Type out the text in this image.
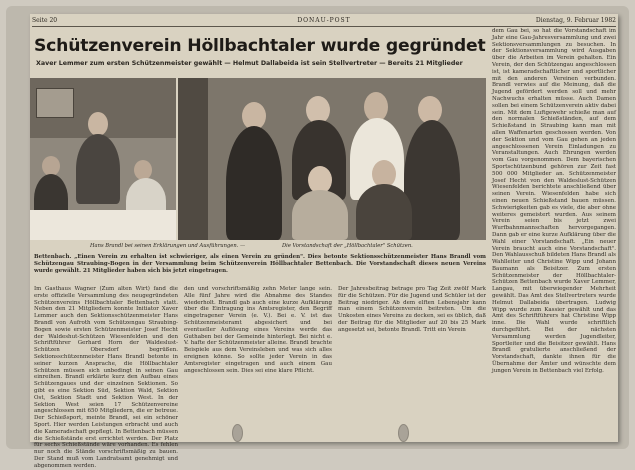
Seite 20	DONAU-POST	Dienstag, 9. Februar 1982
Schützenverein Höllbachtaler wurde gegründet
Xaver Lemmer zum ersten Schützenmeister gewählt — Helmut Dallabeida ist sein Stellvertreter — Bereits 21 Mitglieder
Hans Brandl bei seinen Erklärungen und Ausführungen. —	Die Vorstandschaft der „Höllbachtaler" Schützen.
Bettenbach. „Einen Verein zu erhalten ist schwieriger, als einen Verein zu gründen". Dies betonte Sektionsschützenmeister Hans Brandl vom Schützengau Straubing-Bogen in der Versammlung beim Schützenverein Höllbachtaler Bettenbach. Die Vorstandschaft dieses neuen Vereins wurde gewählt. 21 Mitglieder haben sich bis jetzt eingetragen.
Im Gasthaus Wagner (Zum alten Wirt) fand die erste offizielle Versammlung des neugegründeten Schützenvereins Höllbachtaler Bettenbach statt. Neben den 21 Mitgliedern konnte Initiator Xaver Lemmer auch den Sektionsschützenmeister Hans Brandl von Aufroth vom Schützengau Straubing-Bogen sowie ersten Schützenmeister Josef Hecht der Waldeshut-Schützen Wiesenfelden und den Schriftführer Gerhard Horn der Waldeslust-Schützen Obersdorf begrüßen. Sektionsschützenmeister Hans Brandl betonte in seiner kurzen Ansprache, die Höllbachtaler Schützen müssen sich unbedingt in seinen Gau einreihen. Brandl erklärte kurz den Aufbau eines Schützengaues und der einzelnen Sektionen. So gibt es eine Sektion Süd, Sektion Wald, Sektion Ost, Sektion Stadt und Sektion West. In der Sektion West seien 17 Schützenvereine angeschlossen mit 650 Mitgliedern, die er betreue. Der Schießsport, meinte Brandl, sei ein schöner Sport. Hier werden Leistungen erbracht und auch die Kameradschaft gepflegt. In Bettenbach müssen die Schießstände erst errichtet werden. Der Platz für sechs Schießstände wäre vorhanden. Es fehlen nur noch die Stände vorschriftsmäßig zu bauen. Der Stand muß vom Landratsamt genehmigt und abgenommen werden.
den und vorschriftsmäßig zehn Meter lange sein. Alle fünf Jahre wird die Abnahme des Standes wiederholt. Brandl gab auch eine kurze Aufklärung über die Eintragung ins Amtsregister, den Begriff eingetragener Verein (e. V.). Bei e. V. ist das Schützenmeisteramt abgesichert und bei eventueller Auflösung eines Vereins werde das Guthaben bei der Gemeinde hinterlegt. Bei nicht e. V. hafte der Schützenmeister alleine. Brandl brachte Beispiele aus dem Vereinsleben und was sich alles ereignen könne. So sollte jeder Verein in das Amtsregister eingetragen und auch einem Gau angeschlossen sein. Dies sei eine klare Pflicht.
Der Jahresbeitrag betrage pro Tag Zeit zwölf Mark für die Schützen. Für die Jugend und Schüler ist der Beitrag niedriger. Ab dem elften Lebensjahr kann man einem Schützenverein beitreten. Um die Unkosten eines Vereins zu decken, sei es üblich, daß der Beitrag für die Mitglieder auf 20 bis 25 Mark angesetzt sei, betonte Brandl. Tritt ein Verein
dem Gau bei, so hat die Vorstandschaft im Jahr eine Gau-Jahresversammlung und zwei Sektionsversammlungen zu besuchen. In der Sektionsversammlung wird Ausgaben über die Arbeiten im Verein gehalten. Ein Verein, der den Schützengau angeschlossen ist, ist kameradschaftlicher und sportlicher mit den anderen Vereinen verbunden. Brandl verwies auf die Meinung, daß die Jugend gefördert werden soll und mehr Nachwuchs erhalten müsse. Auch Damen sollen bei einem Schützenverein aktiv dabei sein. Mit dem Luftgewehr schieße man auf den normalen Schießständen, auf dem Schießstand in Straubing kann man mit allen Waffenarten geschossen werden. Von der Sektion und vom Gau gehen an jeden angeschlossenen Verein Einladungen zu Veranstaltungen. Auch Ehrungen werden vom Gau vorgenommen. Dem bayerischen Sportschützenbund gehören zur Zeit fast 500 000 Mitglieder an. Schützenmeister Josef Hecht von den Waldeslust-Schützen Wiesenfelden berichtete anschließend über seinen Verein. Wiesenfelden habe sich einen neuen Schießstand bauen müssen. Schwierigkeiten gab es viele, die aber ohne weiteres gemeistert wurden. Aus seinem Verein seien bis jetzt zwei Wurfbahnmannschaften hervorgegangen. Dann gab er eine kurze Aufklärung über die Wahl einer Vorstandschaft. „Ein neuer Verein braucht auch eine Vorstandschaft". Den Wahlausschuß bildeten Hans Brandl als Wahlleiter und Christine Wipp und Johann Baumann als Beisitzer. Zum ersten Schützenmeister der Höllbachtaler-Schützen Bettenbach wurde Xaver Lemmer, Langau, mit überwiegender Mehrheit gewählt. Das Amt des Stellvertreters wurde Helmut Dallabeida übertragen. Ludwig Wipp wurde zum Kassier gewählt und das Amt des Schriftführers hat Christine Wipp inne. Die Wahl wurde schriftlich durchgeführt. Bei der nächsten Versammlung werden Jugendleiter, Sportleiter und die Beisitzer gewählt. Hans Brandl gratulierte anschließend der Vorstandschaft, dankte ihnen für die Übernahme der Ämter und wünschte dem jungen Verein in Bettenbach viel Erfolg.
